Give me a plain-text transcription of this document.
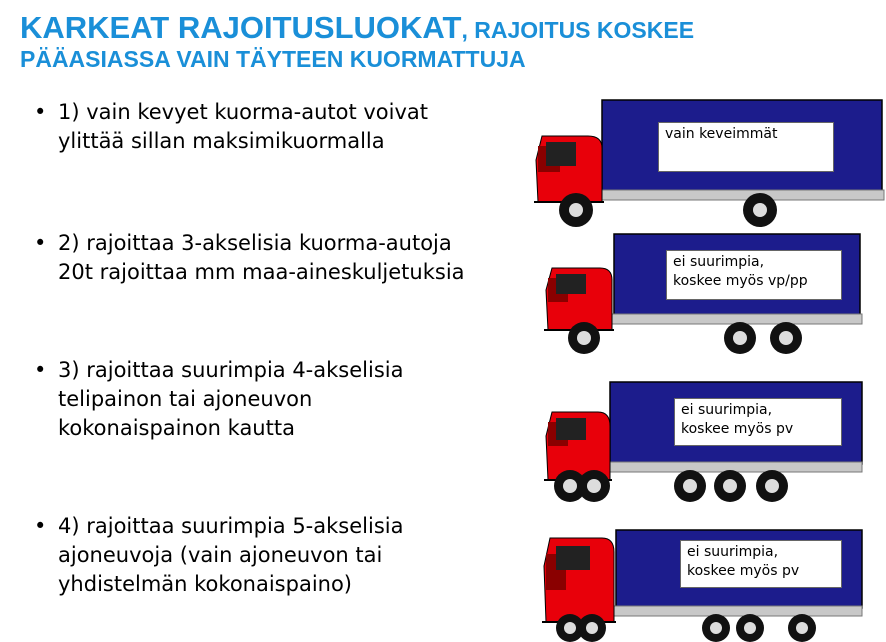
KARKEAT RAJOITUSLUOKAT, RAJOITUS KOSKEE
PÄÄASIASSA VAIN TÄYTEEN KUORMATTUJA
• 1) vain kevyet kuorma-autot voivat
ylittää sillan maksimikuormalla
• 2) rajoittaa 3-akselisia kuorma-autoja
20t rajoittaa mm maa-aineskuljetuksia
• 3) rajoittaa suurimpia 4-akselisia
telipainon tai ajoneuvon
kokonaispainon kautta
• 4) rajoittaa suurimpia 5-akselisia
ajoneuvoja (vain ajoneuvon tai
yhdistelmän kokonaispaino)
vain keveimmät
ei suurimpia,
koskee myös vp/pp
ei suurimpia,
koskee myös pv
ei suurimpia,
koskee myös pv
